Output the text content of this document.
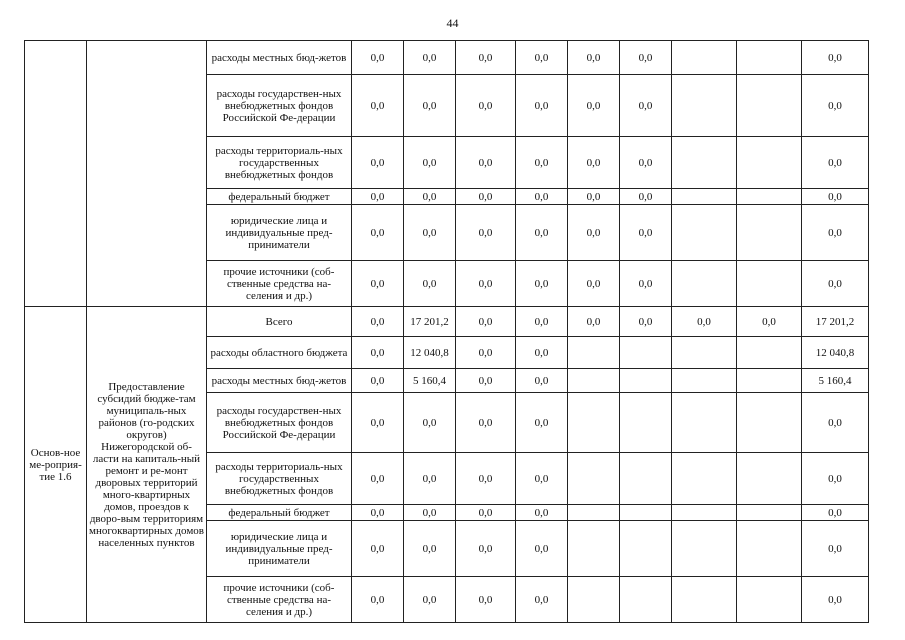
44
		расходы местных бюд-жетов	0,0	0,0	0,0	0,0	0,0	0,0			0,0
		расходы государствен-ных внебюджетных фондов Российской Фе-дерации	0,0	0,0	0,0	0,0	0,0	0,0			0,0
		расходы территориаль-ных государственных внебюджетных фондов	0,0	0,0	0,0	0,0	0,0	0,0			0,0
		федеральный бюджет	0,0	0,0	0,0	0,0	0,0	0,0			0,0
		юридические лица и индивидуальные пред-приниматели	0,0	0,0	0,0	0,0	0,0	0,0			0,0
		прочие источники (соб-ственные средства на-селения и др.)	0,0	0,0	0,0	0,0	0,0	0,0			0,0
Основ-ное ме-роприя-тие 1.6	Предоставление субсидий бюдже-там муниципаль-ных районов (го-родских округов) Нижегородской об-ласти на капиталь-ный ремонт и ре-монт дворовых территорий много-квартирных домов, проездов к дворо-вым территориям многоквартирных домов населенных пунктов	Всего	0,0	17 201,2	0,0	0,0	0,0	0,0	0,0	0,0	17 201,2
		расходы областного бюджета	0,0	12 040,8	0,0	0,0					12 040,8
		расходы местных бюд-жетов	0,0	5 160,4	0,0	0,0					5 160,4
		расходы государствен-ных внебюджетных фондов Российской Фе-дерации	0,0	0,0	0,0	0,0					0,0
		расходы территориаль-ных государственных внебюджетных фондов	0,0	0,0	0,0	0,0					0,0
		федеральный бюджет	0,0	0,0	0,0	0,0					0,0
		юридические лица и индивидуальные пред-приниматели	0,0	0,0	0,0	0,0					0,0
		прочие источники (соб-ственные средства на-селения и др.)	0,0	0,0	0,0	0,0					0,0
